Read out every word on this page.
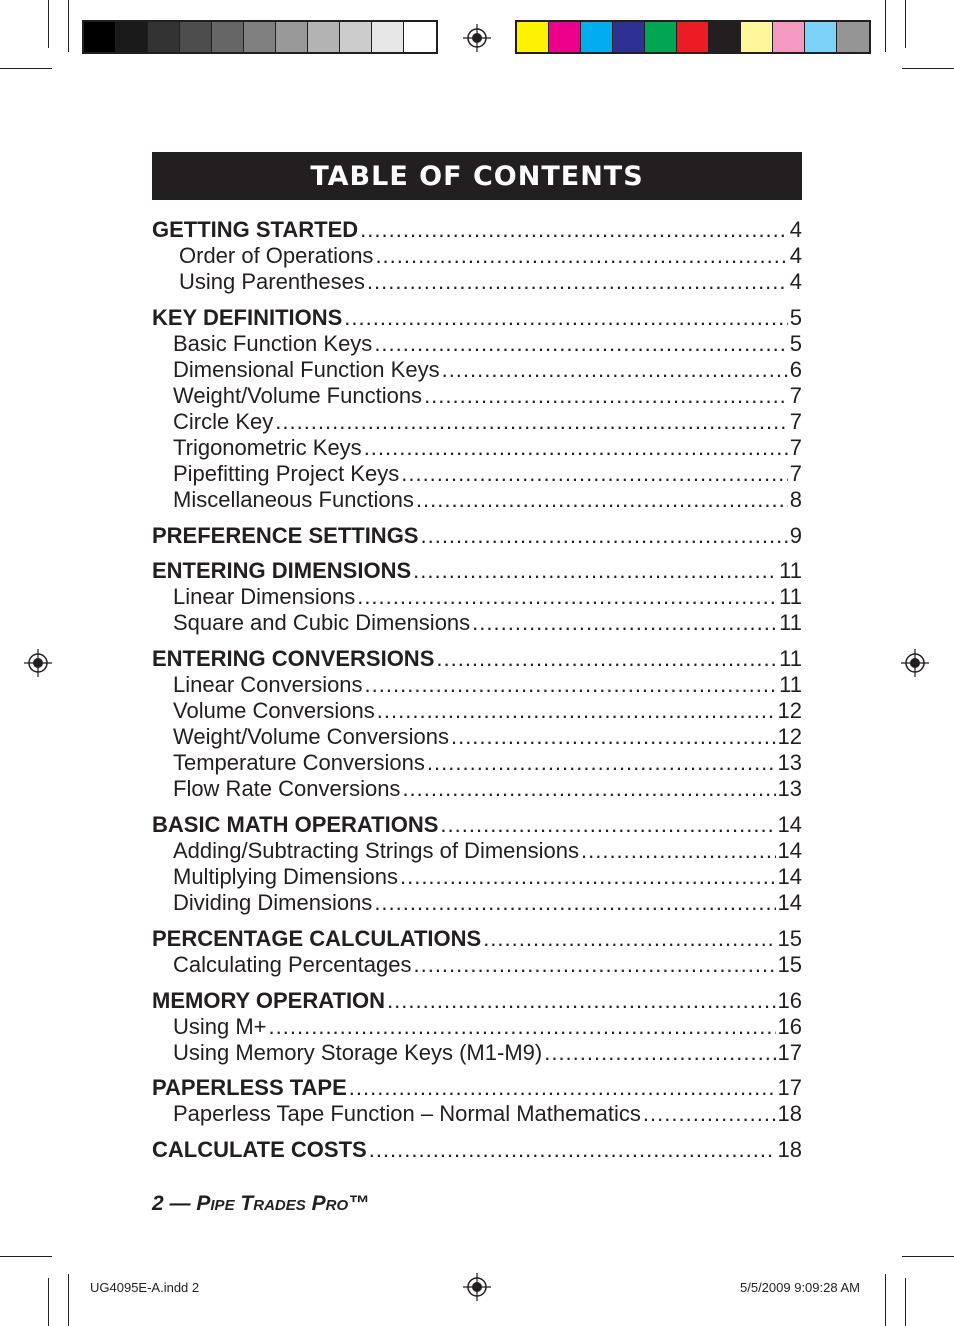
TABLE OF CONTENTS
GETTING STARTED .....	4
Order of Operations .....	4
Using Parentheses .....	4
KEY DEFINITIONS .....	5
Basic Function Keys .....	5
Dimensional Function Keys .....	6
Weight/Volume Functions .....	7
Circle Key .....	7
Trigonometric Keys .....	7
Pipefitting Project Keys .....	7
Miscellaneous Functions .....	8
PREFERENCE SETTINGS .....	9
ENTERING DIMENSIONS .....	11
Linear Dimensions .....	11
Square and Cubic Dimensions .....	11
ENTERING CONVERSIONS .....	11
Linear Conversions .....	11
Volume Conversions .....	12
Weight/Volume Conversions .....	12
Temperature Conversions .....	13
Flow Rate Conversions .....	13
BASIC MATH OPERATIONS .....	14
Adding/Subtracting Strings of Dimensions .....	14
Multiplying Dimensions .....	14
Dividing Dimensions .....	14
PERCENTAGE CALCULATIONS .....	15
Calculating Percentages .....	15
MEMORY OPERATION .....	16
Using M+ .....	16
Using Memory Storage Keys (M1-M9) .....	17
PAPERLESS TAPE .....	17
Paperless Tape Function – Normal Mathematics .....	18
CALCULATE COSTS .....	18
2 — PIPE TRADES PRO™
UG4095E-A.indd 2	5/5/2009 9:09:28 AM
